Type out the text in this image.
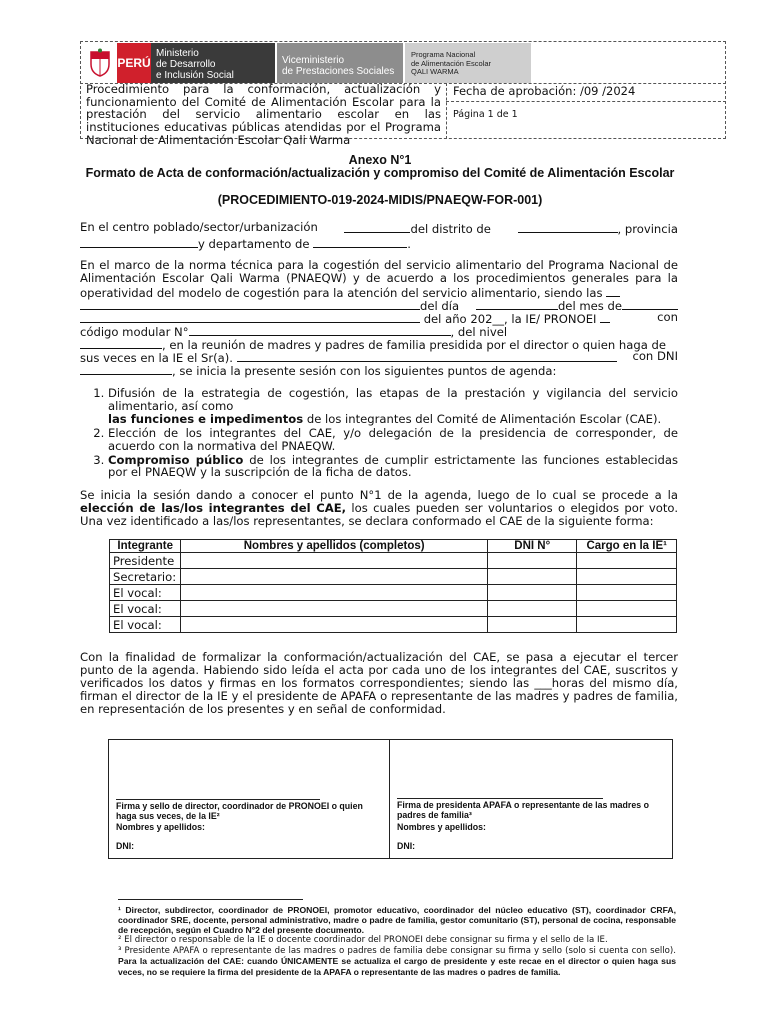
PERÚ
Ministerio
de Desarrollo
e Inclusión Social
Viceministerio
de Prestaciones Sociales
Programa Nacional
de Alimentación Escolar
QALI WARMA
Procedimiento para la conformación, actualización y funcionamiento del Comité de Alimentación Escolar para la prestación del servicio alimentario escolar en las instituciones educativas públicas atendidas por el Programa Nacional de Alimentación Escolar Qali Warma
Fecha de aprobación: /09 /2024
Página 1 de 1
Anexo N°1
Formato de Acta de conformación/actualización y compromiso del Comité de Alimentación Escolar
(PROCEDIMIENTO-019-2024-MIDIS/PNAEQW-FOR-001)
En el centro poblado/sector/urbanización	del distrito de	, provincia
y departamento de	.
En el marco de la norma técnica para la cogestión del servicio alimentario del Programa Nacional de Alimentación Escolar Qali Warma (PNAEQW) y de acuerdo a los procedimientos generales para la operatividad del modelo de cogestión para la atención del servicio alimentario, siendo las
del día	del mes de
del año 202__, la IE/ PRONOEI	con
código modular N°	, del nivel
, en la reunión de madres y padres de familia presidida por el director o quien haga de
sus veces en la IE el Sr(a).	con DNI
, se inicia la presente sesión con los siguientes puntos de agenda:
1. Difusión de la estrategia de cogestión, las etapas de la prestación y vigilancia del servicio alimentario, así como
las funciones e impedimentos de los integrantes del Comité de Alimentación Escolar (CAE).
2. Elección de los integrantes del CAE, y/o delegación de la presidencia de corresponder, de acuerdo con la normativa del PNAEQW.
3. Compromiso público de los integrantes de cumplir estrictamente las funciones establecidas por el PNAEQW y la suscripción de la ficha de datos.
Se inicia la sesión dando a conocer el punto N°1 de la agenda, luego de lo cual se procede a la elección de las/los integrantes del CAE, los cuales pueden ser voluntarios o elegidos por voto. Una vez identificado a las/los representantes, se declara conformado el CAE de la siguiente forma:
Integrante	Nombres y apellidos (completos)	DNI N°	Cargo en la IE¹
Presidente			
Secretario:			
El vocal:			
El vocal:			
El vocal:			
Con la finalidad de formalizar la conformación/actualización del CAE, se pasa a ejecutar el tercer punto de la agenda. Habiendo sido leída el acta por cada uno de los integrantes del CAE, suscritos y verificados los datos y firmas en los formatos correspondientes; siendo las ___horas del mismo día, firman el director de la IE y el presidente de APAFA o representante de las madres y padres de familia, en representación de los presentes y en señal de conformidad.
Firma y sello de director, coordinador de PRONOEI o quien haga sus veces, de la IE²
Nombres y apellidos:
DNI:
Firma de presidenta APAFA o representante de las madres o padres de familia³
Nombres y apellidos:
DNI:

¹ Director, subdirector, coordinador de PRONOEI, promotor educativo, coordinador del núcleo educativo (ST), coordinador CRFA, coordinador SRE, docente, personal administrativo, madre o padre de familia, gestor comunitario (ST), personal de cocina, responsable de recepción, según el Cuadro N°2 del presente documento.

² El director o responsable de la IE o docente coordinador del PRONOEI debe consignar su firma y el sello de la IE.

³ Presidente APAFA o representante de las madres o padres de familia debe consignar su firma y sello (solo si cuenta con sello). Para la actualización del CAE: cuando ÚNICAMENTE se actualiza el cargo de presidente y este recae en el director o quien haga sus veces, no se requiere la firma del presidente de la APAFA o representante de las madres o padres de familia.
